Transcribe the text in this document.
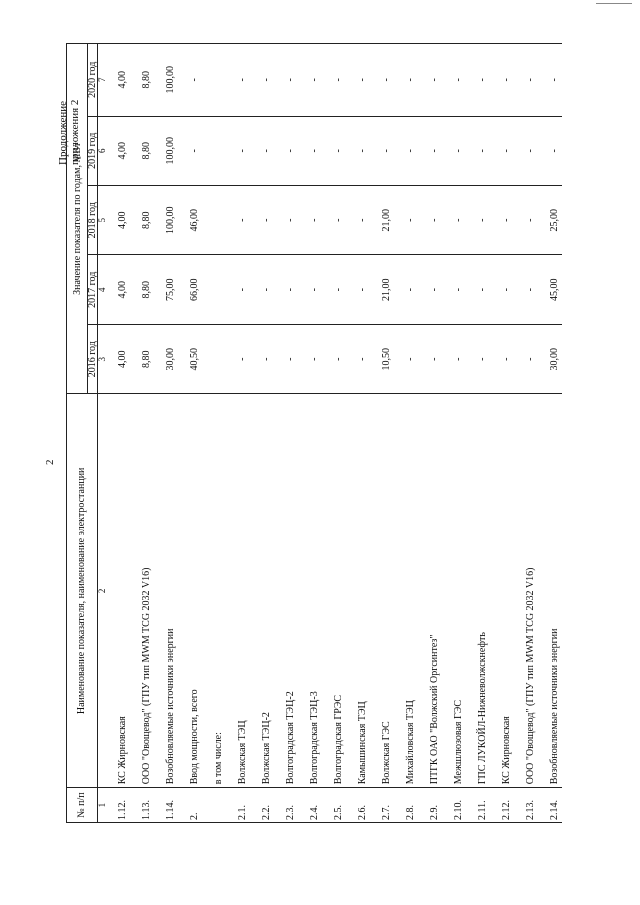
2
Продолжение приложения 2
№ п/п	Наименование показателя, наименование электростанции	Значение показателя по годам, МВт				
		2016 год	2017 год	2018 год	2019 год	2020 год
1	2	3	4	5	6	7
1.12.	КС Жирновская	4,00	4,00	4,00	4,00	4,00
1.13.	ООО "Овощевод" (ГПУ тип MWM TCG 2032 V16)	8,80	8,80	8,80	8,80	8,80
1.14.	Возобновляемые источники энергии	30,00	75,00	100,00	100,00	100,00
2.	Ввод мощности, всего	40,50	66,00	46,00	-	-
	в том числе:					
2.1.	Волжская ТЭЦ	-	-	-	-	-
2.2.	Волжская ТЭЦ-2	-	-	-	-	-
2.3.	Волгоградская ТЭЦ-2	-	-	-	-	-
2.4.	Волгоградская ТЭЦ-3	-	-	-	-	-
2.5.	Волгоградская ГРЭС	-	-	-	-	-
2.6.	Камышинская ТЭЦ	-	-	-	-	-
2.7.	Волжская ГЭС	10,50	21,00	21,00	-	-
2.8.	Михайловская ТЭЦ	-	-	-	-	-
2.9.	ПТГК ОАО "Волжский Оргсинтез"	-	-	-	-	-
2.10.	Межшлюзовая ГЭС	-	-	-	-	-
2.11.	ГПС ЛУКОЙЛ-Нижневолжскнефть	-	-	-	-	-
2.12.	КС Жирновская	-	-	-	-	-
2.13.	ООО "Овощевод" (ГПУ тип MWM TCG 2032 V16)	-	-	-	-	-
2.14.	Возобновляемые источники энергии	30,00	45,00	25,00	-	-
